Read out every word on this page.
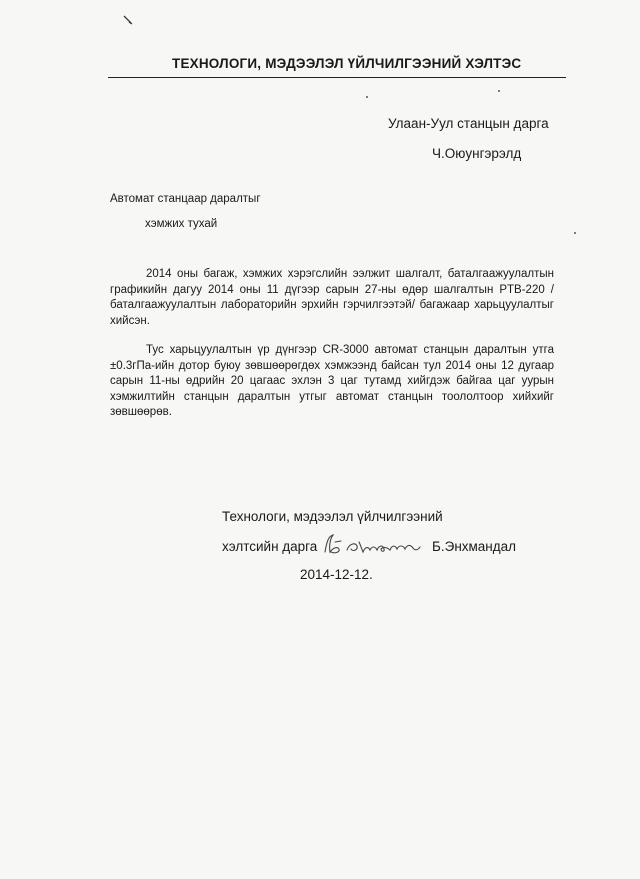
ТЕХНОЛОГИ, МЭДЭЭЛЭЛ ҮЙЛЧИЛГЭЭНИЙ ХЭЛТЭС
Улаан-Уул станцын дарга
Ч.Оюунгэрэлд
Автомат станцаар даралтыг
хэмжих тухай
2014 оны багаж, хэмжих хэрэгслийн ээлжит шалгалт, баталгаажуулалтын графикийн дагуу 2014 оны 11 дүгээр сарын 27-ны өдөр шалгалтын PTB-220 /баталгаажуулалтын лабораторийн эрхийн гэрчилгээтэй/ багажаар харьцуулалтыг хийсэн.
Тус харьцуулалтын үр дүнгээр CR-3000 автомат станцын даралтын утга ±0.3гПа-ийн дотор буюу зөвшөөрөгдөх хэмжээнд байсан тул 2014 оны 12 дугаар сарын 11-ны өдрийн 20 цагаас эхлэн 3 цаг тутамд хийгдэж байгаа цаг уурын хэмжилтийн станцын даралтын утгыг автомат станцын тоололтоор хийхийг зөвшөөрөв.
Технологи, мэдээлэл үйлчилгээний
хэлтсийн дарга	Б.Энхмандал
2014-12-12.
